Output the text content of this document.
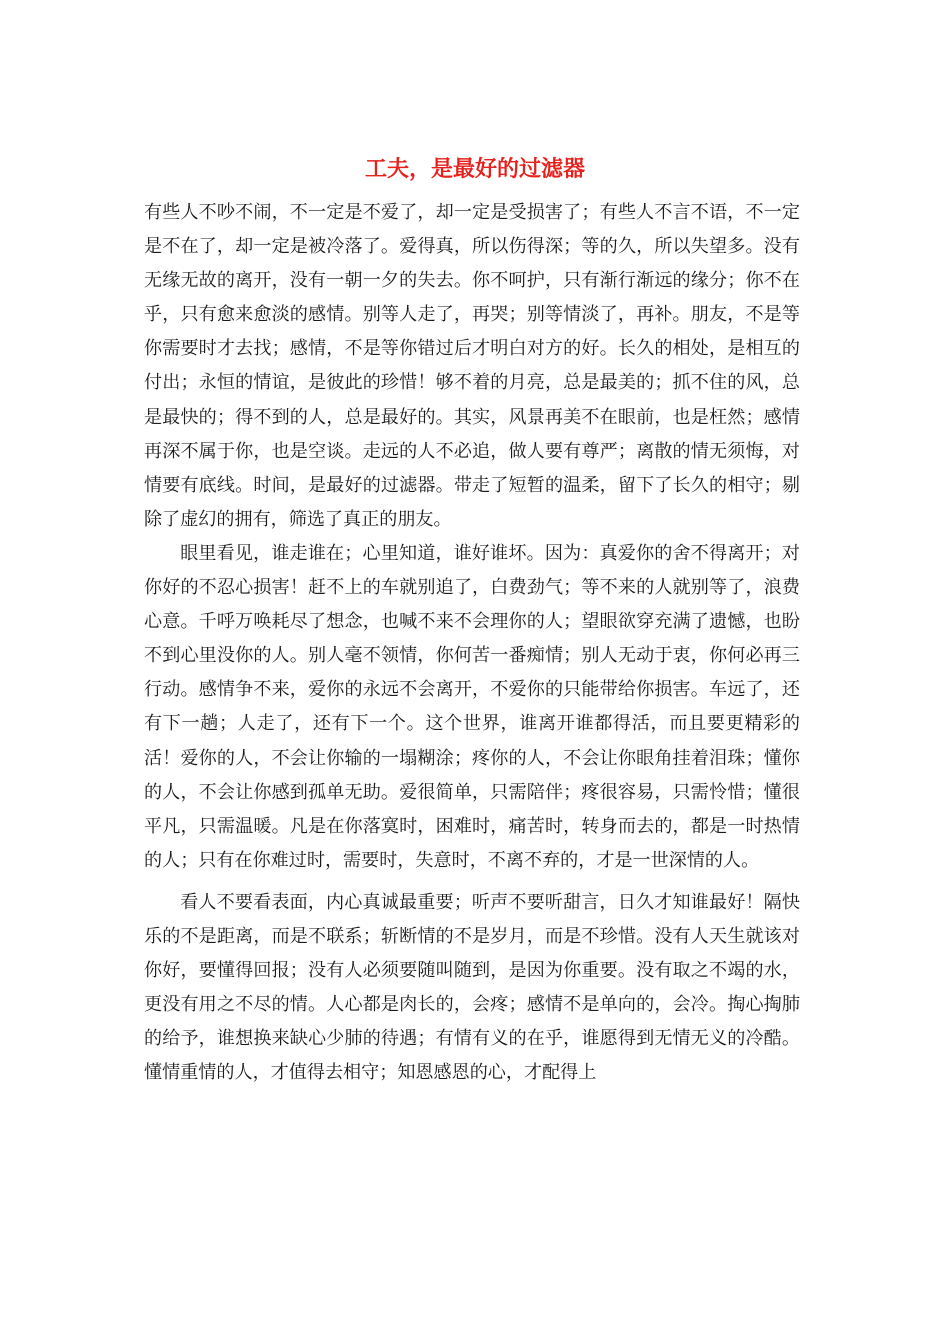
工夫，是最好的过滤器

有些人不吵不闹，不一定是不爱了，却一定是受损害了；有些人不言不语，不一定是不在了，却一定是被冷落了。爱得真，所以伤得深；等的久，所以失望多。没有无缘无故的离开，没有一朝一夕的失去。你不呵护，只有渐行渐远的缘分；你不在乎，只有愈来愈淡的感情。别等人走了，再哭；别等情淡了，再补。朋友，不是等你需要时才去找；感情，不是等你错过后才明白对方的好。长久的相处，是相互的付出；永恒的情谊，是彼此的珍惜！够不着的月亮，总是最美的；抓不住的风，总是最快的；得不到的人，总是最好的。其实，风景再美不在眼前，也是枉然；感情再深不属于你，也是空谈。走远的人不必追，做人要有尊严；离散的情无须悔，对情要有底线。时间，是最好的过滤器。带走了短暂的温柔，留下了长久的相守；剔除了虚幻的拥有，筛选了真正的朋友。

眼里看见，谁走谁在；心里知道，谁好谁坏。因为：真爱你的舍不得离开；对你好的不忍心损害！赶不上的车就别追了，白费劲气；等不来的人就别等了，浪费心意。千呼万唤耗尽了想念，也喊不来不会理你的人；望眼欲穿充满了遗憾，也盼不到心里没你的人。别人毫不领情，你何苦一番痴情；别人无动于衷，你何必再三行动。感情争不来，爱你的永远不会离开，不爱你的只能带给你损害。车远了，还有下一趟；人走了，还有下一个。这个世界，谁离开谁都得活，而且要更精彩的活！爱你的人，不会让你输的一塌糊涂；疼你的人，不会让你眼角挂着泪珠；懂你的人，不会让你感到孤单无助。爱很简单，只需陪伴；疼很容易，只需怜惜；懂很平凡，只需温暖。凡是在你落寞时，困难时，痛苦时，转身而去的，都是一时热情的人；只有在你难过时，需要时，失意时，不离不弃的，才是一世深情的人。

看人不要看表面，内心真诚最重要；听声不要听甜言，日久才知谁最好！隔快乐的不是距离，而是不联系；斩断情的不是岁月，而是不珍惜。没有人天生就该对你好，要懂得回报；没有人必须要随叫随到，是因为你重要。没有取之不竭的水，更没有用之不尽的情。人心都是肉长的，会疼；感情不是单向的，会冷。掏心掏肺的给予，谁想换来缺心少肺的待遇；有情有义的在乎，谁愿得到无情无义的冷酷。懂情重情的人，才值得去相守；知恩感恩的心，才配得上
